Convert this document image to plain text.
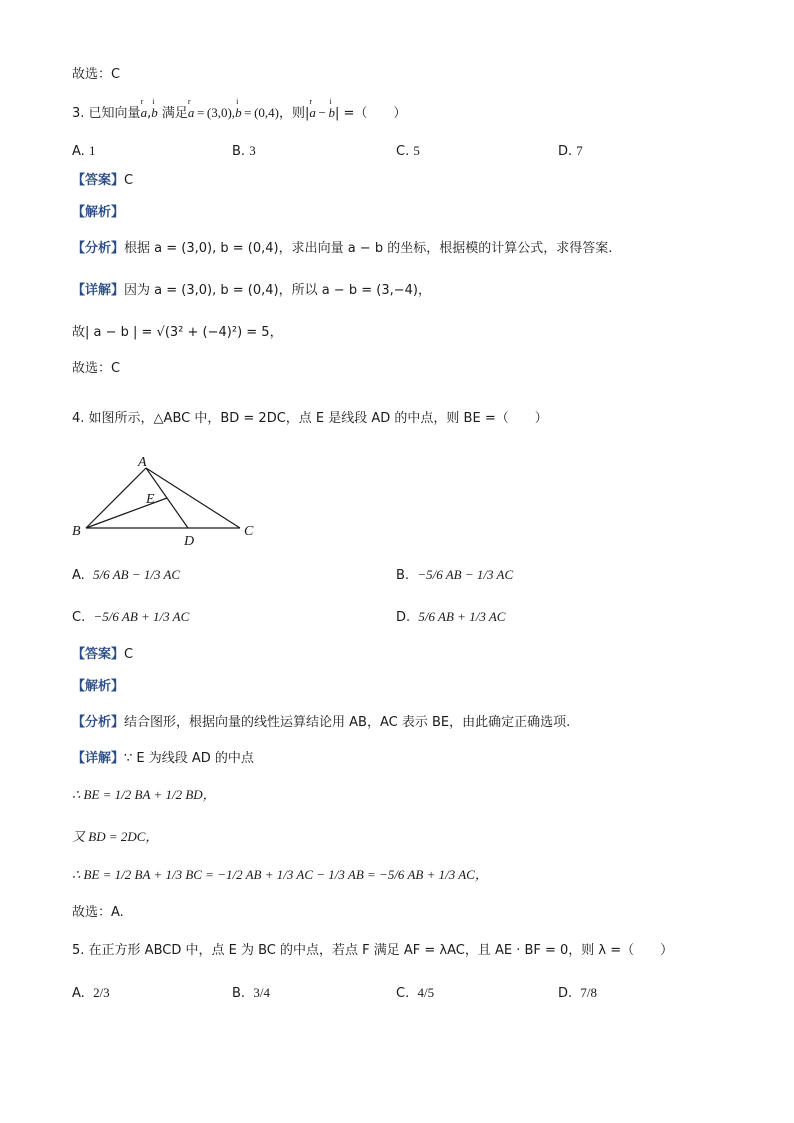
故选：C
3. 已知向量
r
a,
i
b 满足
r
a = (3,0),
i
b = (0,4)，则|
r
a − 
i
b| =（　　）
A. 1	B. 3	C. 5	D. 7
【答案】C
【解析】
【分析】根据 a = (3,0), b = (0,4)，求出向量 a − b 的坐标，根据模的计算公式，求得答案.
【详解】因为 a = (3,0), b = (0,4)，所以 a − b = (3,−4)，
故| a − b | = √(3² + (−4)²) = 5，
故选：C
4. 如图所示，△ABC 中，BD = 2DC，点 E 是线段 AD 的中点，则 BE =（　　）
A
B	C
D
E
A. 5/6 AB − 1/3 AC	B. −5/6 AB − 1/3 AC
C. −5/6 AB + 1/3 AC	D. 5/6 AB + 1/3 AC
【答案】C
【解析】
【分析】结合图形，根据向量的线性运算结论用 AB，AC 表示 BE，由此确定正确选项.
【详解】∵ E 为线段 AD 的中点
∴ BE = 1/2 BA + 1/2 BD，
又 BD = 2DC，
∴ BE = 1/2 BA + 1/3 BC = −1/2 AB + 1/3 AC − 1/3 AB = −5/6 AB + 1/3 AC，
故选：A.
5. 在正方形 ABCD 中，点 E 为 BC 的中点，若点 F 满足 AF = λAC，且 AE · BF = 0，则 λ =（　　）
A. 2/3	B. 3/4	C. 4/5	D. 7/8
